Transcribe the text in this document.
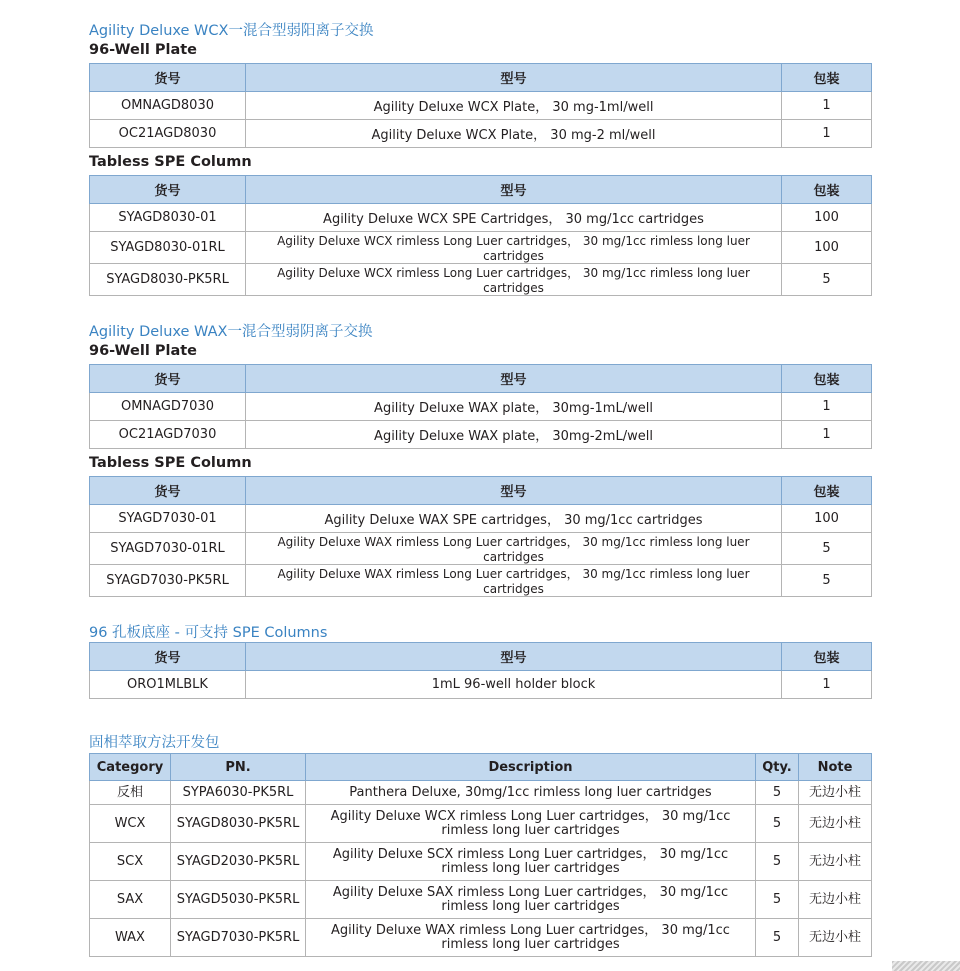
Agility Deluxe WCX一混合型弱阳离子交换
96-Well Plate
货号	型号	包装
OMNAGD8030	Agility Deluxe WCX Plate， 30 mg-1ml/well	1
OC21AGD8030	Agility Deluxe WCX Plate， 30 mg-2 ml/well	1
Tabless SPE Column
货号	型号	包装
SYAGD8030-01	Agility Deluxe WCX SPE Cartridges， 30 mg/1cc cartridges	100
SYAGD8030-01RL	Agility Deluxe WCX rimless Long Luer cartridges， 30 mg/1cc rimless long luer cartridges	100
SYAGD8030-PK5RL	Agility Deluxe WCX rimless Long Luer cartridges， 30 mg/1cc rimless long luer cartridges	5
Agility Deluxe WAX一混合型弱阴离子交换
96-Well Plate
货号	型号	包装
OMNAGD7030	Agility Deluxe WAX plate， 30mg-1mL/well	1
OC21AGD7030	Agility Deluxe WAX plate， 30mg-2mL/well	1
Tabless SPE Column
货号	型号	包装
SYAGD7030-01	Agility Deluxe WAX SPE cartridges， 30 mg/1cc cartridges	100
SYAGD7030-01RL	Agility Deluxe WAX rimless Long Luer cartridges， 30 mg/1cc rimless long luer cartridges	5
SYAGD7030-PK5RL	Agility Deluxe WAX rimless Long Luer cartridges， 30 mg/1cc rimless long luer cartridges	5
96 孔板底座 - 可支持 SPE Columns
货号	型号	包装
ORO1MLBLK	1mL 96-well holder block	1
固相萃取方法开发包
Category	PN.	Description	Qty.	Note
反相	SYPA6030-PK5RL	Panthera Deluxe, 30mg/1cc rimless long luer cartridges	5	无边小柱
WCX	SYAGD8030-PK5RL	Agility Deluxe WCX rimless Long Luer cartridges， 30 mg/1cc rimless long luer cartridges	5	无边小柱
SCX	SYAGD2030-PK5RL	Agility Deluxe SCX rimless Long Luer cartridges， 30 mg/1cc rimless long luer cartridges	5	无边小柱
SAX	SYAGD5030-PK5RL	Agility Deluxe SAX rimless Long Luer cartridges， 30 mg/1cc rimless long luer cartridges	5	无边小柱
WAX	SYAGD7030-PK5RL	Agility Deluxe WAX rimless Long Luer cartridges， 30 mg/1cc rimless long luer cartridges	5	无边小柱
